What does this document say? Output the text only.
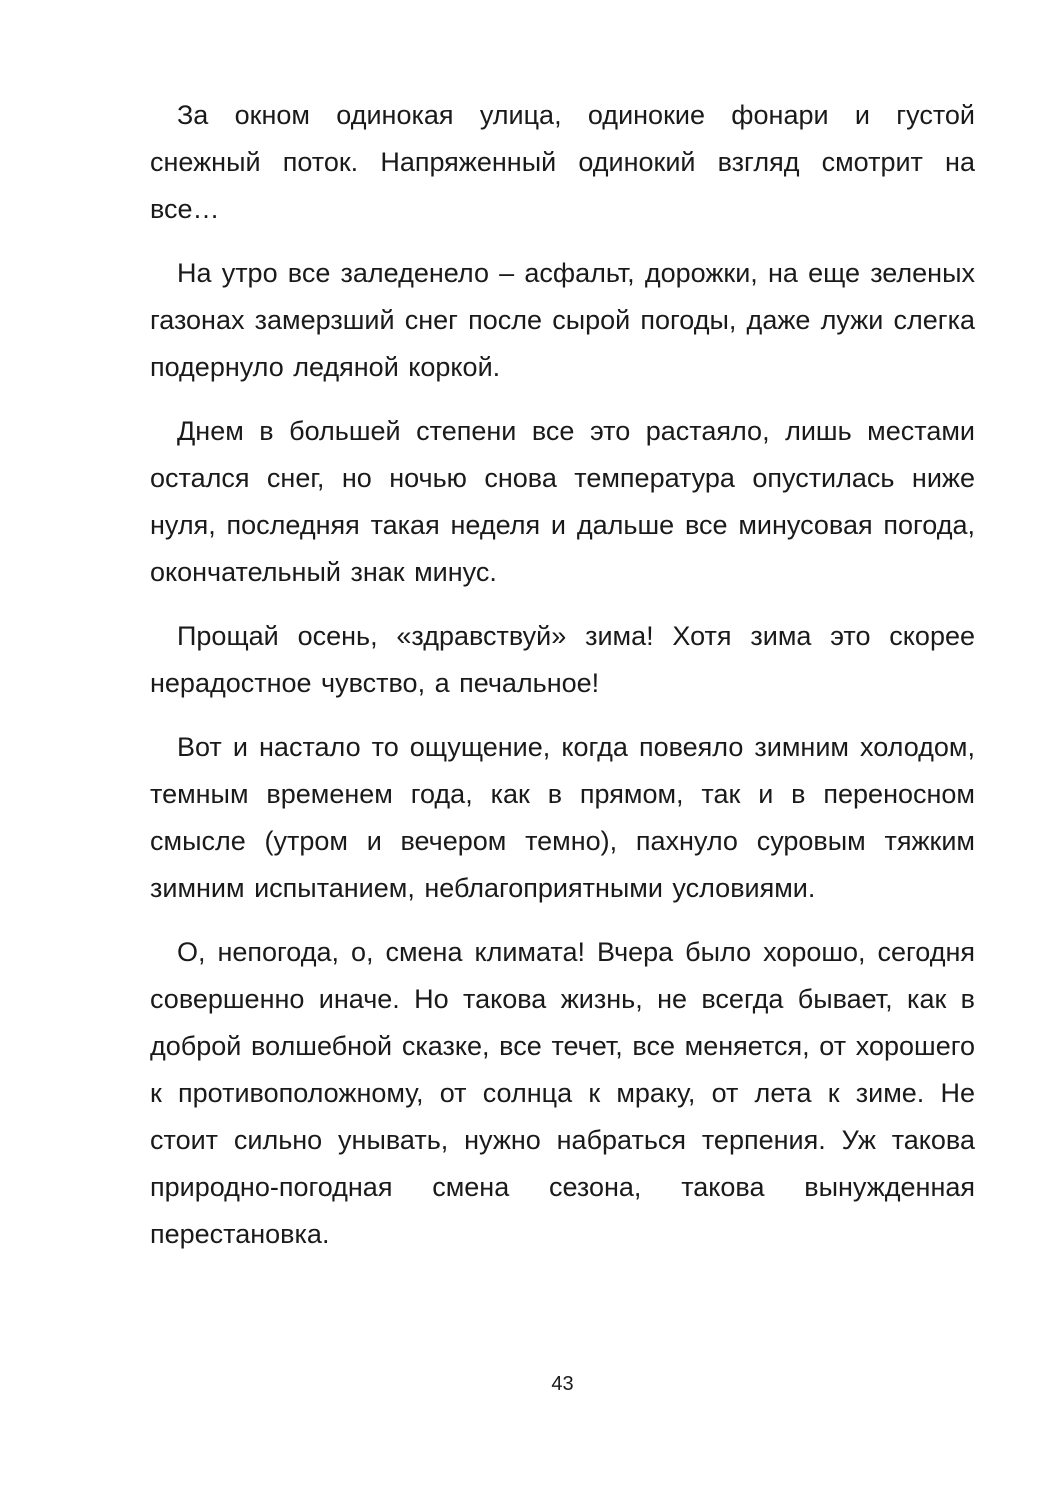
За окном одинокая улица, одинокие фонари и густой снежный поток. Напряженный одинокий взгляд смотрит на все…

На утро все заледенело – асфальт, дорожки, на еще зеленых газонах замерзший снег после сырой погоды, даже лужи слегка подернуло ледяной коркой.

Днем в большей степени все это растаяло, лишь местами остался снег, но ночью снова температура опустилась ниже нуля, последняя такая неделя и дальше все минусовая погода, окончательный знак минус.

Прощай осень, «здравствуй» зима! Хотя зима это скорее нерадостное чувство, а печальное!

Вот и настало то ощущение, когда повеяло зимним холодом, темным временем года, как в прямом, так и в переносном смысле (утром и вечером темно), пахнуло суровым тяжким зимним испытанием, неблагоприятными условиями.

О, непогода, о, смена климата! Вчера было хорошо, сегодня совершенно иначе. Но такова жизнь, не всегда бывает, как в доброй волшебной сказке, все течет, все меняется, от хорошего к противоположному, от солнца к мраку, от лета к зиме. Не стоит сильно унывать, нужно набраться терпения. Уж такова природно-погодная смена сезона, такова вынужденная перестановка.

43
